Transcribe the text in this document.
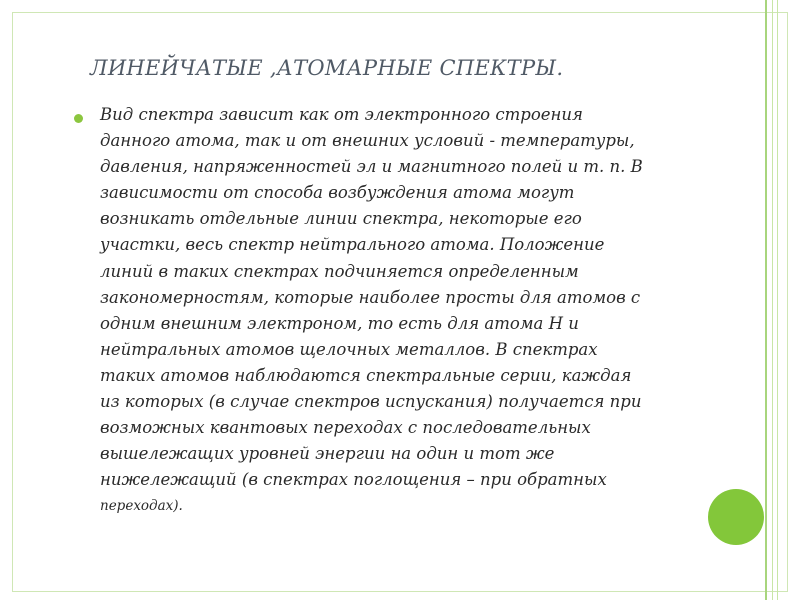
ЛИНЕЙЧАТЫЕ ,АТОМАРНЫЕ СПЕКТРЫ.
Вид спектра зависит как от электронного строения
данного атома, так и от внешних условий - температуры,
давления, напряженностей эл и магнитного полей и т. п. В
зависимости от способа возбуждения атома могут
возникать отдельные линии спектра, некоторые его
участки, весь спектр нейтрального атома. Положение
линий в таких спектрах подчиняется определенным
закономерностям, которые наиболее просты для атомов с
одним внешним электроном, то есть для атома Н и
нейтральных атомов щелочных металлов. В спектрах
таких атомов наблюдаются спектральные серии, каждая
из которых (в случае спектров испускания) получается при
возможных квантовых переходах с последовательных
вышележащих уровней энергии на один и тот же
нижележащий (в спектрах поглощения – при обратных
переходах).
